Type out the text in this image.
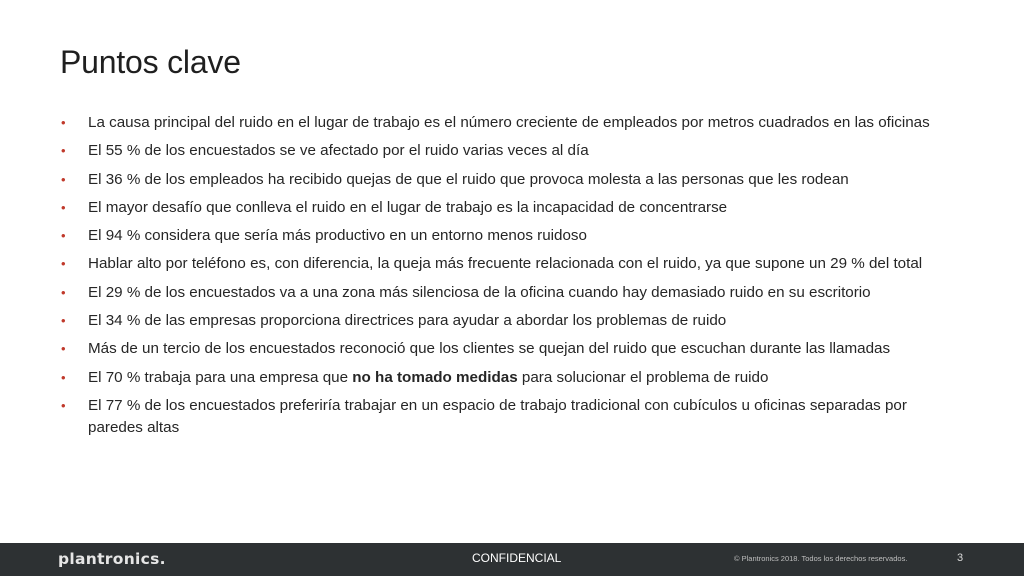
Puntos clave
• La causa principal del ruido en el lugar de trabajo es el número creciente de empleados por metros cuadrados en las oficinas
• El 55 % de los encuestados se ve afectado por el ruido varias veces al día
• El 36 % de los empleados ha recibido quejas de que el ruido que provoca molesta a las personas que les rodean
• El mayor desafío que conlleva el ruido en el lugar de trabajo es la incapacidad de concentrarse
• El 94 % considera que sería más productivo en un entorno menos ruidoso
• Hablar alto por teléfono es, con diferencia, la queja más frecuente relacionada con el ruido, ya que supone un 29 % del total
• El 29 % de los encuestados va a una zona más silenciosa de la oficina cuando hay demasiado ruido en su escritorio
• El 34 % de las empresas proporciona directrices para ayudar a abordar los problemas de ruido
• Más de un tercio de los encuestados reconoció que los clientes se quejan del ruido que escuchan durante las llamadas
• El 70 % trabaja para una empresa que no ha tomado medidas para solucionar el problema de ruido
• El 77 % de los encuestados preferiría trabajar en un espacio de trabajo tradicional con cubículos u oficinas separadas por paredes altas
plantronics.	CONFIDENCIAL	© Plantronics 2018. Todos los derechos reservados.	3
